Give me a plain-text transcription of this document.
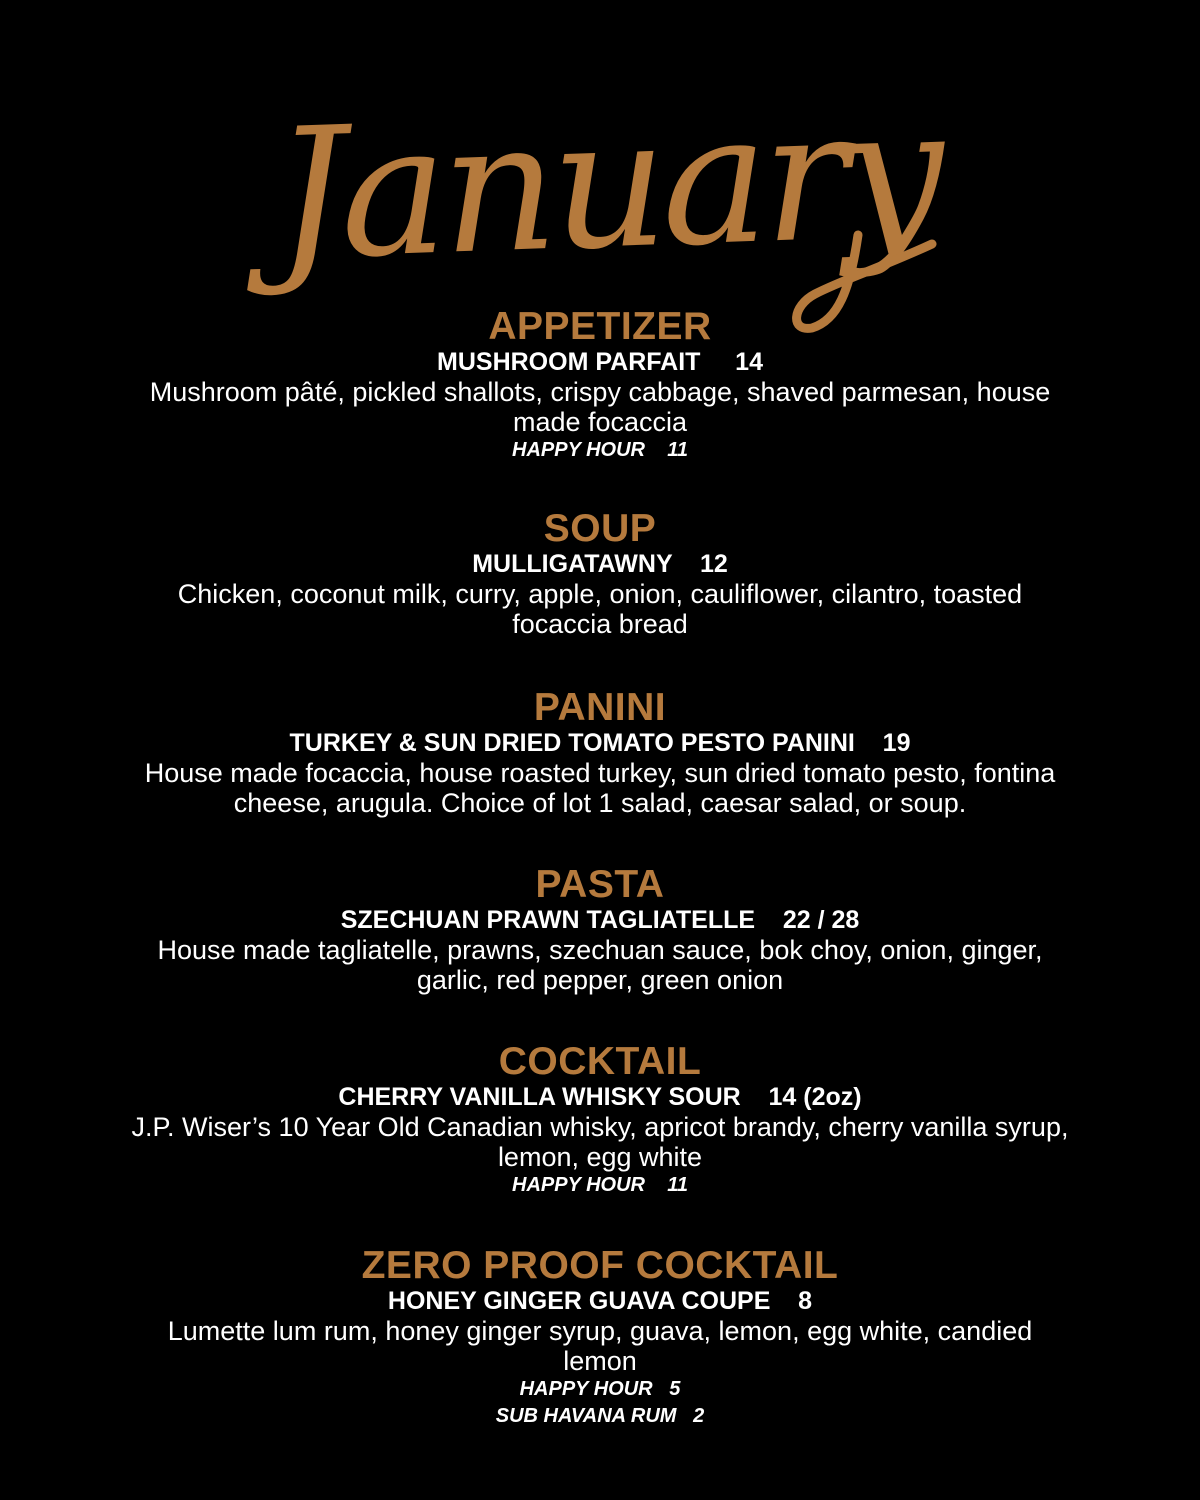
January
APPETIZER
MUSHROOM PARFAIT     14
Mushroom pâté, pickled shallots, crispy cabbage, shaved parmesan, house made focaccia
HAPPY HOUR    11
SOUP
MULLIGATAWNY    12
Chicken, coconut milk, curry, apple, onion, cauliflower, cilantro, toasted focaccia bread
PANINI
TURKEY & SUN DRIED TOMATO PESTO PANINI    19
House made focaccia, house roasted turkey, sun dried tomato pesto, fontina cheese, arugula. Choice of lot 1 salad, caesar salad, or soup.
PASTA
SZECHUAN PRAWN TAGLIATELLE    22 / 28
House made tagliatelle, prawns, szechuan sauce, bok choy, onion, ginger, garlic, red pepper, green onion
COCKTAIL
CHERRY VANILLA WHISKY SOUR    14 (2oz)
J.P. Wiser’s 10 Year Old Canadian whisky, apricot brandy, cherry vanilla syrup, lemon, egg white
HAPPY HOUR    11
ZERO PROOF COCKTAIL
HONEY GINGER GUAVA COUPE    8
Lumette lum rum, honey ginger syrup, guava, lemon, egg white, candied lemon
HAPPY HOUR   5
SUB HAVANA RUM   2
